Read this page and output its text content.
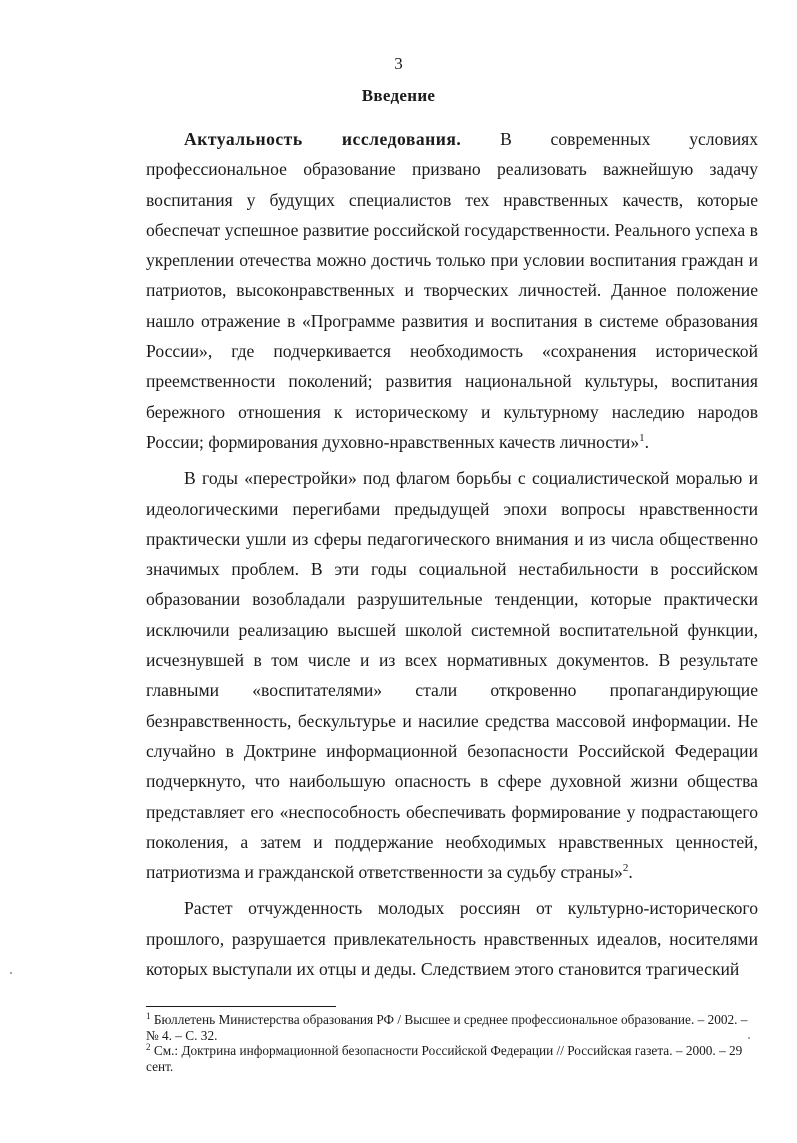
3
Введение

Актуальность исследования. В современных условиях профессиональное образование призвано реализовать важнейшую задачу воспитания у будущих специалистов тех нравственных качеств, которые обеспечат успешное развитие российской государственности. Реального успеха в укреплении отечества можно достичь только при условии воспитания граждан и патриотов, высоконравственных и творческих личностей. Данное положение нашло отражение в «Программе развития и воспитания в системе образования России», где подчеркивается необходимость «сохранения исторической преемственности поколений; развития национальной культуры, воспитания бережного отношения к историческому и культурному наследию народов России; формирования духовно-нравственных качеств личности»$^1$.

В годы «перестройки» под флагом борьбы с социалистической моралью и идеологическими перегибами предыдущей эпохи вопросы нравственности практически ушли из сферы педагогического внимания и из числа общественно значимых проблем. В эти годы социальной нестабильности в российском образовании возобладали разрушительные тенденции, которые практически исключили реализацию высшей школой системной воспитательной функции, исчезнувшей в том числе и из всех нормативных документов. В результате главными «воспитателями» стали откровенно пропагандирующие безнравственность, бескультурье и насилие средства массовой информации. Не случайно в Доктрине информационной безопасности Российской Федерации подчеркнуто, что наибольшую опасность в сфере духовной жизни общества представляет его «неспособность обеспечивать формирование у подрастающего поколения, а затем и поддержание необходимых нравственных ценностей, патриотизма и гражданской ответственности за судьбу страны»$^2$.

Растет отчужденность молодых россиян от культурно-исторического прошлого, разрушается привлекательность нравственных идеалов, носителями которых выступали их отцы и деды. Следствием этого становится трагический

$^1$ Бюллетень Министерства образования РФ / Высшее и среднее профессиональное образование. – 2002. – № 4. – С. 32.

$^2$ См.: Доктрина информационной безопасности Российской Федерации // Российская газета. – 2000. – 29 сент.
